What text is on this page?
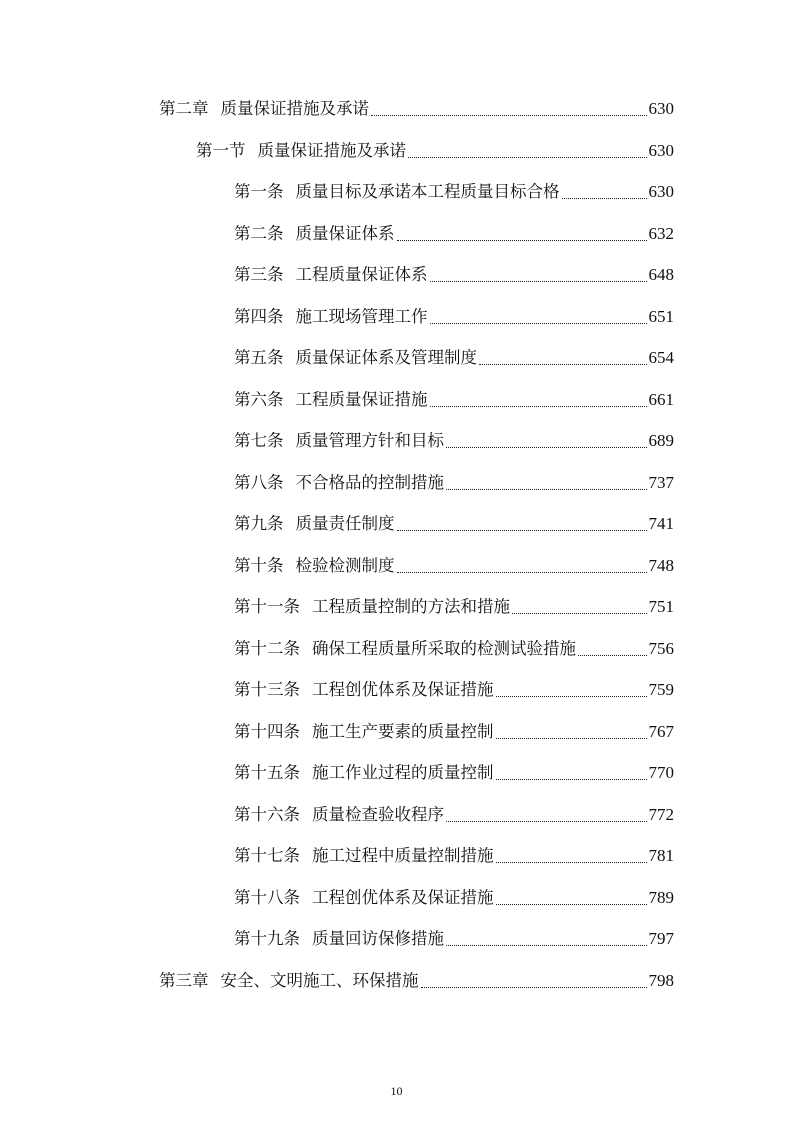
第二章 质量保证措施及承诺	630
第一节 质量保证措施及承诺	630
第一条 质量目标及承诺本工程质量目标合格	630
第二条 质量保证体系	632
第三条 工程质量保证体系	648
第四条 施工现场管理工作	651
第五条 质量保证体系及管理制度	654
第六条 工程质量保证措施	661
第七条 质量管理方针和目标	689
第八条 不合格品的控制措施	737
第九条 质量责任制度	741
第十条 检验检测制度	748
第十一条 工程质量控制的方法和措施	751
第十二条 确保工程质量所采取的检测试验措施	756
第十三条 工程创优体系及保证措施	759
第十四条 施工生产要素的质量控制	767
第十五条 施工作业过程的质量控制	770
第十六条 质量检查验收程序	772
第十七条 施工过程中质量控制措施	781
第十八条 工程创优体系及保证措施	789
第十九条 质量回访保修措施	797
第三章 安全、文明施工、环保措施	798
10
